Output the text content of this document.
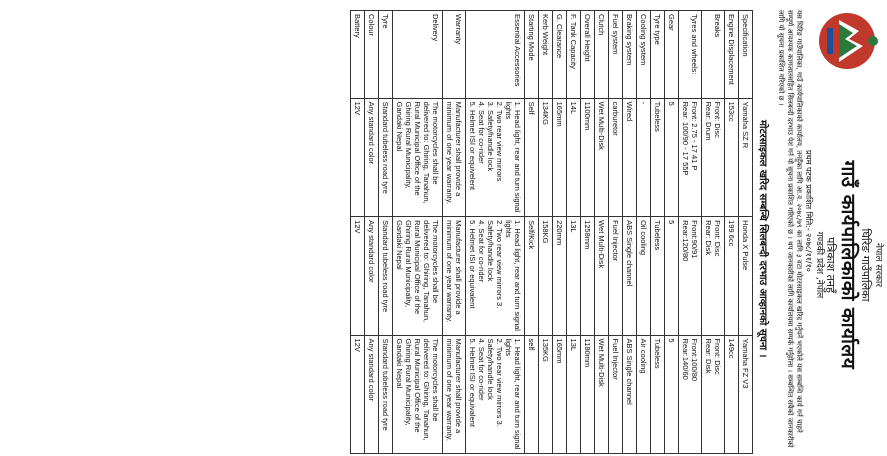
नेपाल सरकार
घिरिङ गाउँपालिका
गाउँ कार्यपालिकाको कार्यालय
पत्रिकाश तनहुँ
गण्डकी प्रदेश ,नेपाल
प्रथम पटक प्रकाशित मिति:- २०७८/११/१०
यस घिरिङ गाउँपालिका, गाउँ कार्यपालिकाको कार्यालय, तनहुँका लागि आ.व. २०७८/७९ का लागि ३ वटा मोटरसाइकल खरिद गर्नुपर्ने भएकोले यस सम्बन्धि कार्य गर्न चाहने सम्पूर्ण आवश्यक कागजातसहित सिलबन्दी दरभाउ पेश गर्न यो सूचना प्रकाशित गरिएको छ । थप जानकारीको लागि कार्यालयमा सम्पर्क गर्नुहोला । सम्बन्धित सबैको जानकारीको लागि यो सूचना प्रकाशित गरिएको छ ।
मोटरसाइकल खरिद सम्बन्धि सिलबन्दी दरभाउ आव्हानको सूचना ।
Specification	Yamaha SZ R	Honda X Pulse	Yamaha FZ V3
Engine Displacement	153cc	199.6cc	149cc
Breaks	Front: Disc
Rear: Drum	Front: Disc
Rear: Disk	Front: Disc
Rear: Disk
Tyres and wheels:	Front: 2.75 - 17 41 P
Rear: 100/90 - 17 55P	Front:90/91
Rear:120/80	Front:100/80
Rear:140/60
Gear	5	5	5
Tyre type	Tubeless	Tubeless	Tubeless
Cooling system	-	Oil cooling	Air cooling
Braking system	Wired	ABS Single channel	ABS Single channel
Fuel system	carburetor	Fuel Injector	Fuel Injector
Clutch	Wet Multi-Disk	Wet Multi-Disk	Wet Multi-Disk
Overall Height	1100mm	1258mm	1180mm
F. Tank Capacity	14L	13L	13L
G. Clearance	165mm	220mm	165mm
Kerb Weight	134KG	158KG	135KG
Starting Mode	Self	Self/Kick	self
Essential Accessories	1. Head light, rear and turn signal lights
2. Two rear view mirrors
3. Safety/handle lock
4. Seat for co-rider
5. Helmet ISI or equivelent	1. Head light, rear and turn signal lights
2. Two rear view mirrors 3. Safety/handle lock
4. Seat for co-rider
5. Helmet ISI or equivalent	1. Head light, rear and turn signal lights
2. Two rear view mirrors 3. Safety/handle lock
4. Seat for co-rider
5. Helmet ISI or equivalent
Warranty	Manufacturer shall provide a minimum of one year warranty.	Manufacturer shall provide a minimum of one year warranty.	Manufacturer shall provide a minimum of one year warranty.
Delivery	The motorcycles shall be delivered to: Ghiring, Tanahun, Rural Municipal Office of the Ghiring Rural Municipality, Gandaki Nepal	The motorcycles shall be delivered to: Ghiring, Tanahun, Rural Municipal Office of the Ghiring Rural Municipality, Gandaki Nepal	The motorcycles shall be delivered to: Ghiring, Tanahun, Rural Municipal Office of the Ghiring Rural Municipality, Gandaki Nepal
Tyre	Standard tubeless road tyre	Standard tubeless road tyre	Standard tubeless road tyre
Colour	Any standard color	Any standard color	Any standard color
Battery	12V	12V	12V
